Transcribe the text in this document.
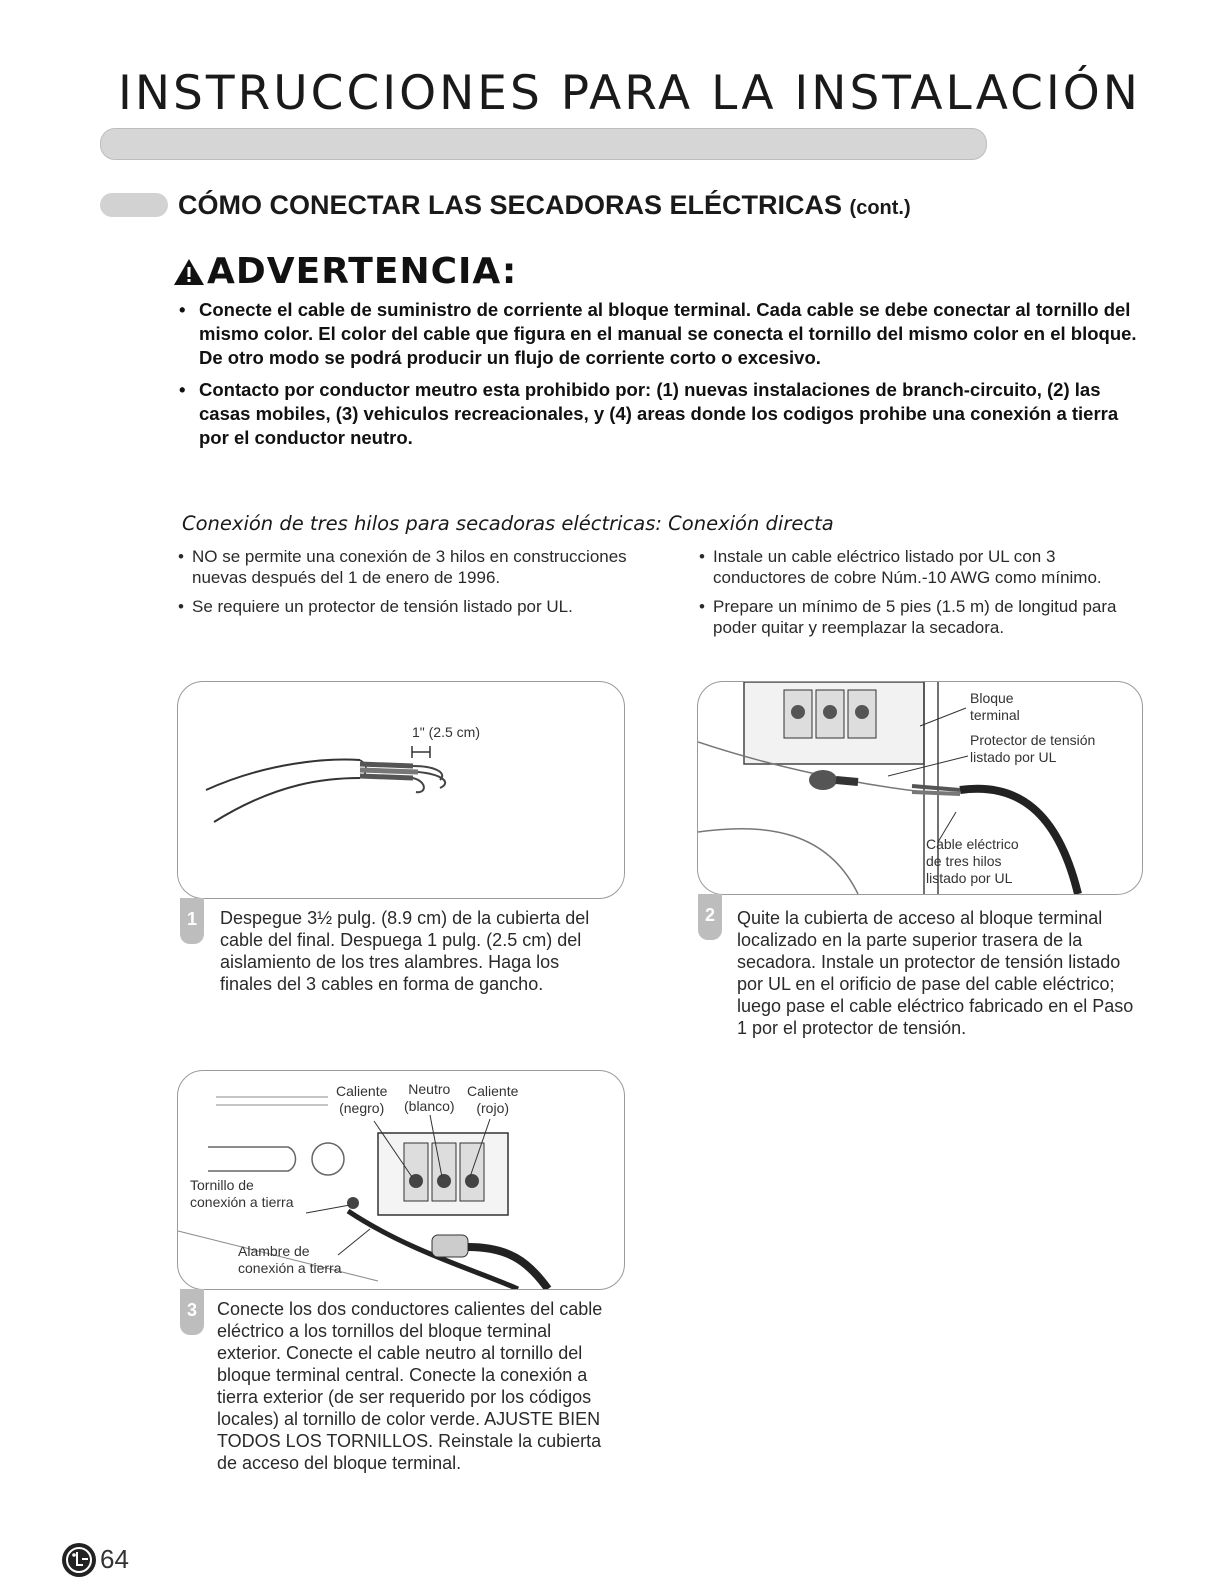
INSTRUCCIONES PARA LA INSTALACIÓN
CÓMO CONECTAR LAS SECADORAS ELÉCTRICAS (cont.)
ADVERTENCIA:
• Conecte el cable de suministro de corriente al bloque terminal. Cada cable se debe conectar al tornillo del mismo color. El color del cable que figura en el manual se conecta el tornillo del mismo color en el bloque. De otro modo se podrá producir un flujo de corriente corto o excesivo.
• Contacto por conductor meutro esta prohibido por: (1) nuevas instalaciones de branch-circuito, (2) las casas mobiles, (3) vehiculos recreacionales, y (4) areas donde los codigos prohibe una conexión a tierra por el conductor neutro.
Conexión de tres hilos para secadoras eléctricas: Conexión directa
• NO se permite una conexión de 3 hilos en construcciones nuevas después del 1 de enero de 1996.
• Se requiere un protector de tensión listado por UL.
• Instale un cable eléctrico listado por UL con 3 conductores de cobre Núm.-10 AWG como mínimo.
• Prepare un mínimo de 5 pies (1.5 m) de longitud para poder quitar y reemplazar la secadora.
1" (2.5 cm)
1	Despegue 3½ pulg. (8.9 cm) de la cubierta del cable del final. Despuega 1 pulg. (2.5 cm) del aislamiento de los tres alambres. Haga los finales del 3 cables en forma de gancho.
Bloque
terminal
Protector de tensión
listado por UL
Cable eléctrico
de tres hilos
listado por UL
2	Quite la cubierta de acceso al bloque terminal localizado en la parte superior trasera de la secadora. Instale un protector de tensión listado por UL en el orificio de pase del cable eléctrico; luego pase el cable eléctrico fabricado en el Paso 1 por el protector de tensión.
Caliente
(negro)
Neutro
(blanco)
Caliente
(rojo)
Tornillo de
conexión a tierra
Alambre de
conexión a tierra
3	Conecte los dos conductores calientes del cable eléctrico a los tornillos del bloque terminal exterior. Conecte el cable neutro al tornillo del bloque terminal central. Conecte la conexión a tierra exterior (de ser requerido por los códigos locales) al tornillo de color verde. AJUSTE BIEN TODOS LOS TORNILLOS. Reinstale la cubierta de acceso del bloque terminal.
64
